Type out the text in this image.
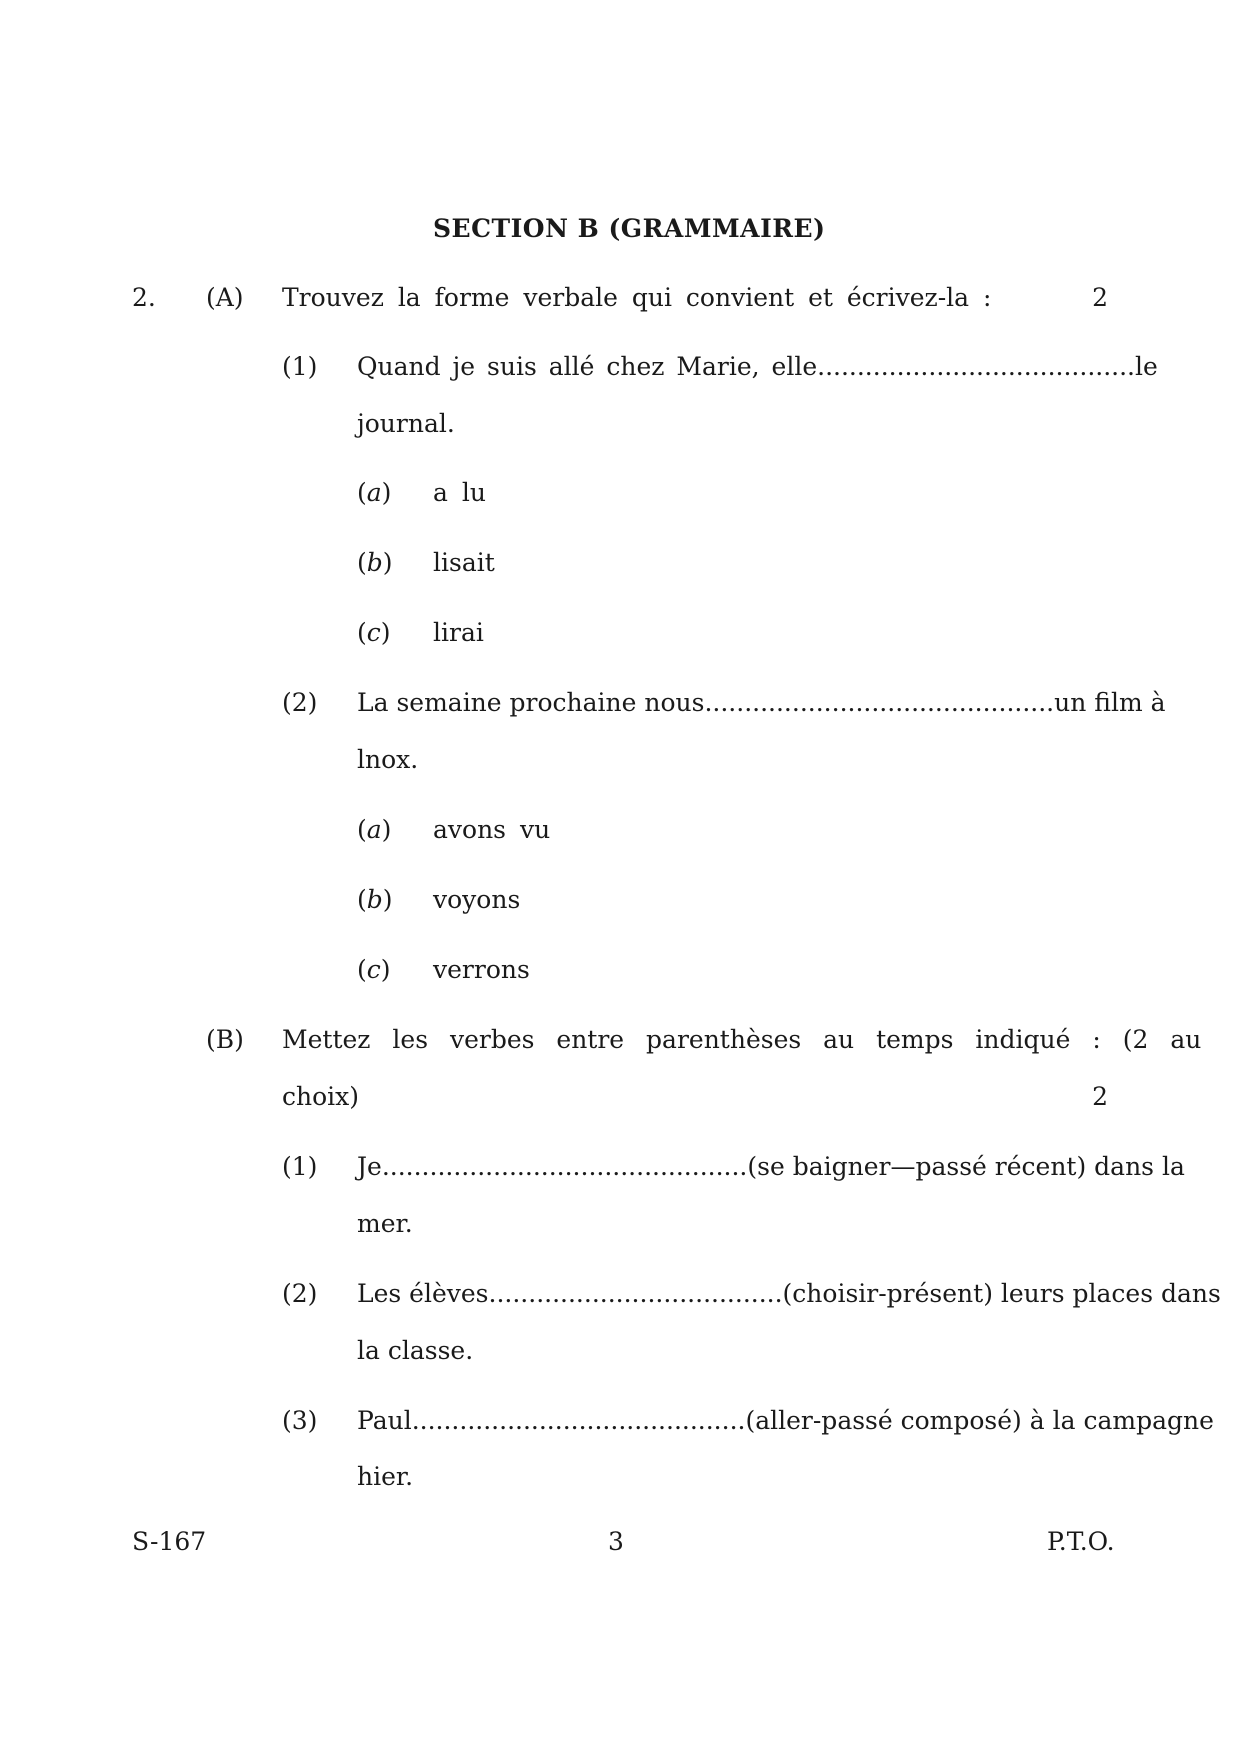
SECTION B (GRAMMAIRE)
2. (A) Trouvez la forme verbale qui convient et écrivez-la :	2
(1) Quand je suis allé chez Marie, elle ........................................ le
journal.
(a) a lu
(b) lisait
(c) lirai
(2) La semaine prochaine nous ............................................ un film à
lnox.
(a) avons vu
(b) voyons
(c) verrons
(B) Mettez les verbes entre parenthèses au temps indiqué : (2 au
choix)	2
(1) Je .............................................. (se baigner—passé récent) dans la
mer.
(2) Les élèves ..................................... (choisir-présent) leurs places dans
la classe.
(3) Paul .......................................... (aller-passé composé) à la campagne
hier.
S-167	3	P.T.O.
